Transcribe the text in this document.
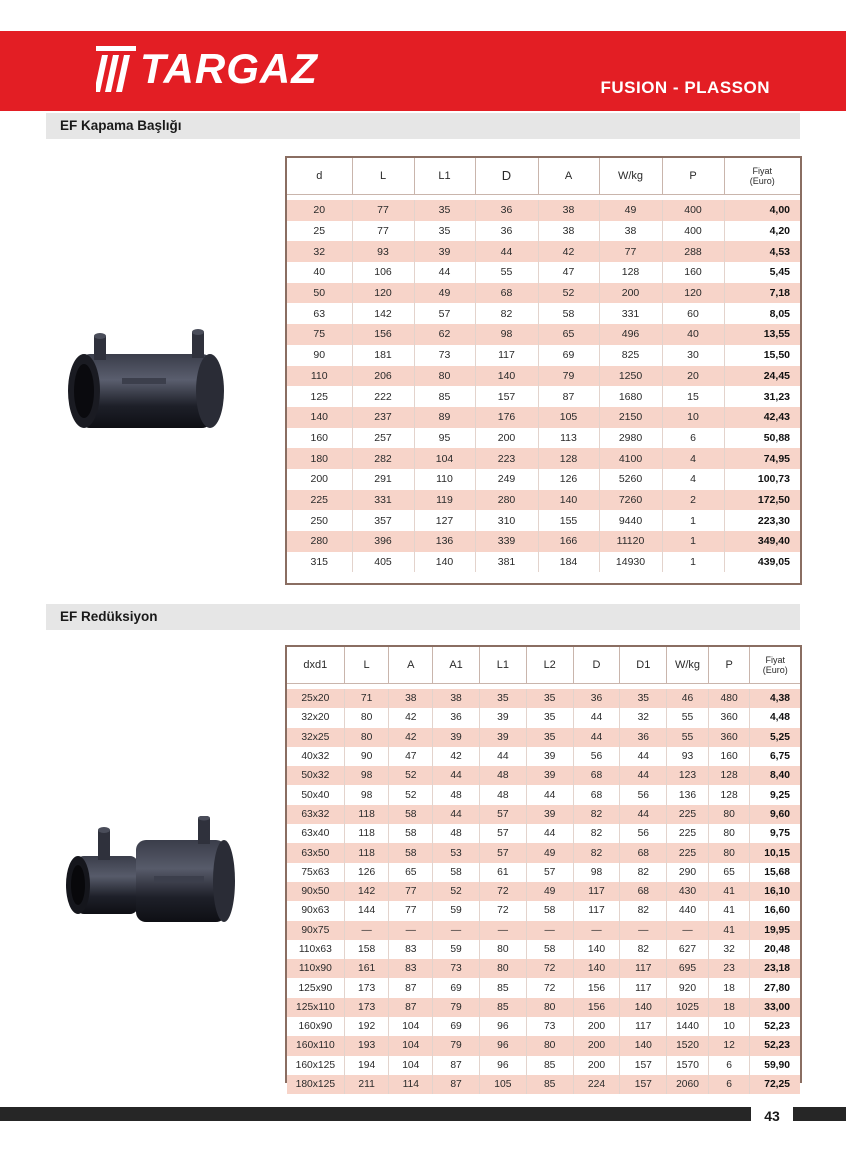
TARGAZ	FUSION - PLASSON
EF Kapama Başlığı
d	L	L1	D	A	W/kg	P	Fiyat
(Euro)

20	77	35	36	38	49	400	4,00
25	77	35	36	38	38	400	4,20
32	93	39	44	42	77	288	4,53
40	106	44	55	47	128	160	5,45
50	120	49	68	52	200	120	7,18
63	142	57	82	58	331	60	8,05
75	156	62	98	65	496	40	13,55
90	181	73	117	69	825	30	15,50
110	206	80	140	79	1250	20	24,45
125	222	85	157	87	1680	15	31,23
140	237	89	176	105	2150	10	42,43
160	257	95	200	113	2980	6	50,88
180	282	104	223	128	4100	4	74,95
200	291	110	249	126	5260	4	100,73
225	331	119	280	140	7260	2	172,50
250	357	127	310	155	9440	1	223,30
280	396	136	339	166	11120	1	349,40
315	405	140	381	184	14930	1	439,05
EF Redüksiyon
dxd1	L	A	A1	L1	L2	D	D1	W/kg	P	Fiyat
(Euro)

25x20	71	38	38	35	35	36	35	46	480	4,38
32x20	80	42	36	39	35	44	32	55	360	4,48
32x25	80	42	39	39	35	44	36	55	360	5,25
40x32	90	47	42	44	39	56	44	93	160	6,75
50x32	98	52	44	48	39	68	44	123	128	8,40
50x40	98	52	48	48	44	68	56	136	128	9,25
63x32	118	58	44	57	39	82	44	225	80	9,60
63x40	118	58	48	57	44	82	56	225	80	9,75
63x50	118	58	53	57	49	82	68	225	80	10,15
75x63	126	65	58	61	57	98	82	290	65	15,68
90x50	142	77	52	72	49	117	68	430	41	16,10
90x63	144	77	59	72	58	117	82	440	41	16,60
90x75	—	—	—	—	—	—	—	—	41	19,95
110x63	158	83	59	80	58	140	82	627	32	20,48
110x90	161	83	73	80	72	140	117	695	23	23,18
125x90	173	87	69	85	72	156	117	920	18	27,80
125x110	173	87	79	85	80	156	140	1025	18	33,00
160x90	192	104	69	96	73	200	117	1440	10	52,23
160x110	193	104	79	96	80	200	140	1520	12	52,23
160x125	194	104	87	96	85	200	157	1570	6	59,90
180x125	211	114	87	105	85	224	157	2060	6	72,25
43
